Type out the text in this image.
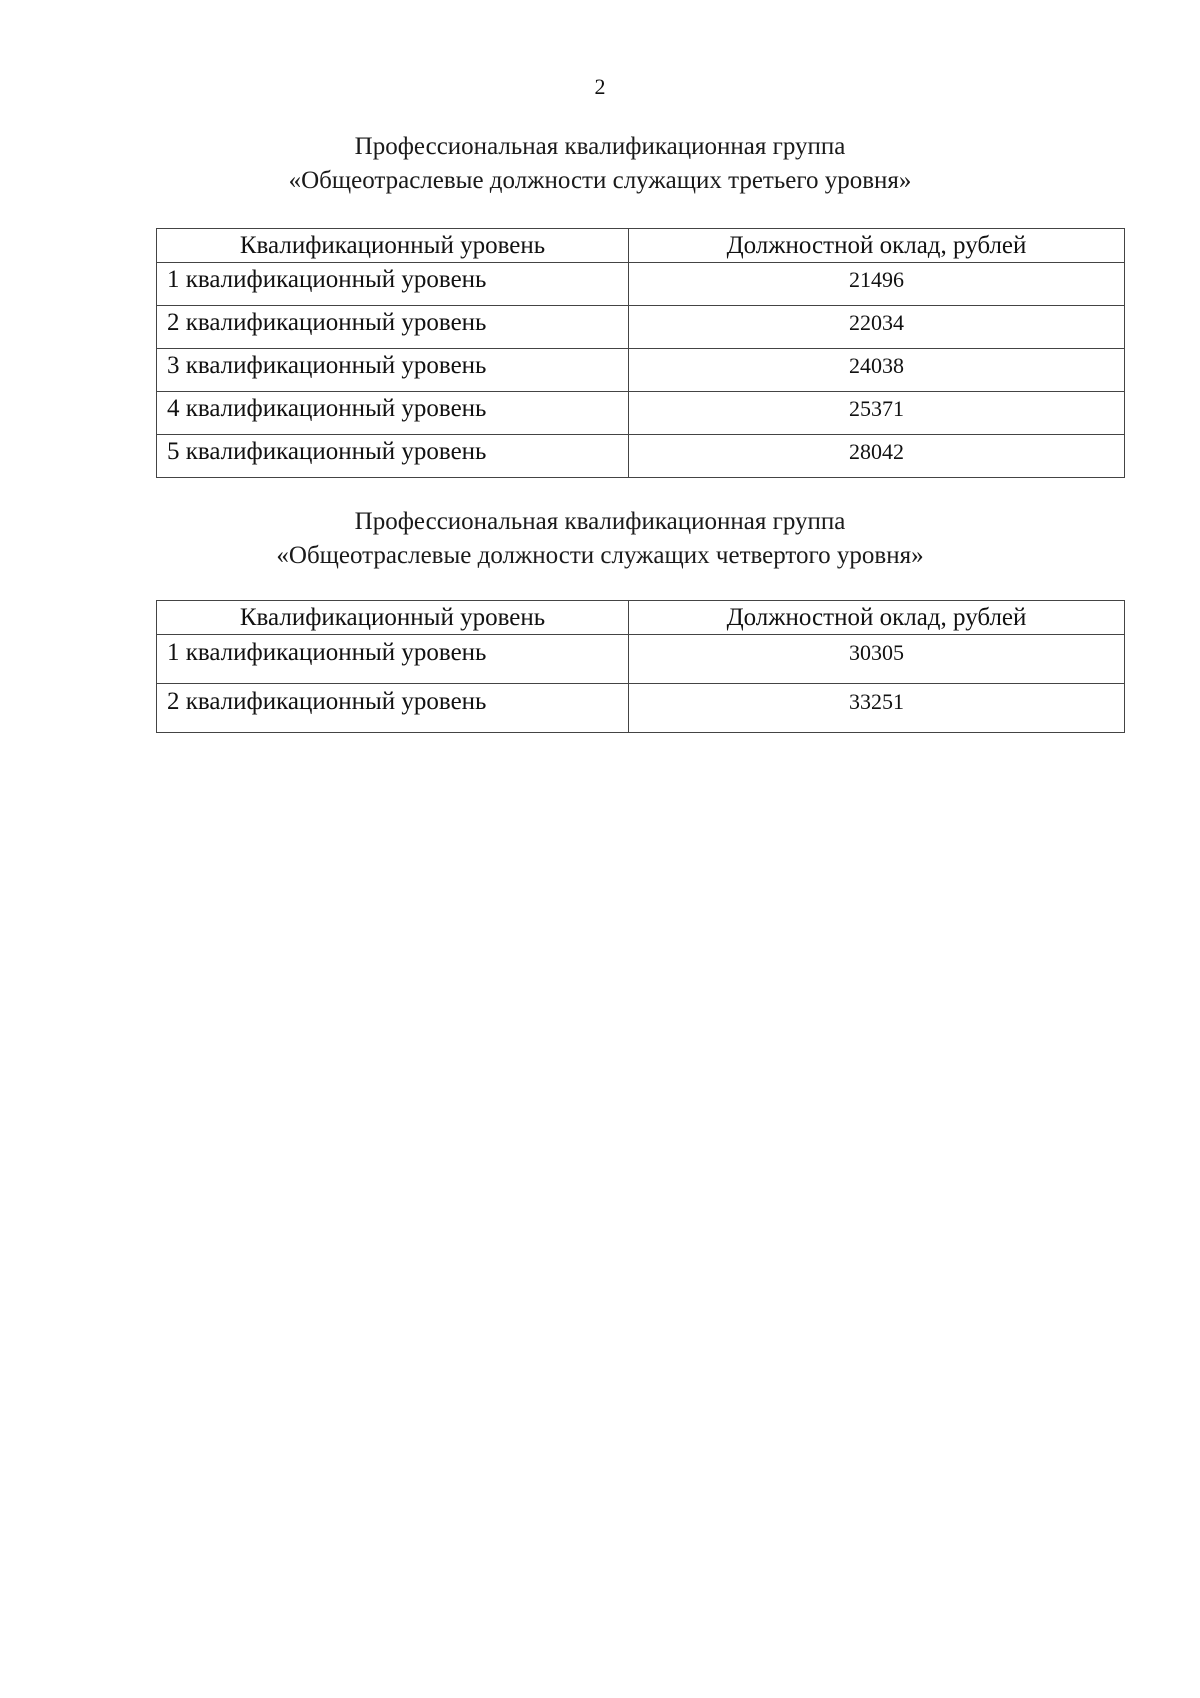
2
Профессиональная квалификационная группа
«Общеотраслевые должности служащих третьего уровня»
Квалификационный уровень	Должностной оклад, рублей
1 квалификационный уровень	21496
2 квалификационный уровень	22034
3 квалификационный уровень	24038
4 квалификационный уровень	25371
5 квалификационный уровень	28042
Профессиональная квалификационная группа
«Общеотраслевые должности служащих четвертого уровня»
Квалификационный уровень	Должностной оклад, рублей
1 квалификационный уровень	30305
2 квалификационный уровень	33251
